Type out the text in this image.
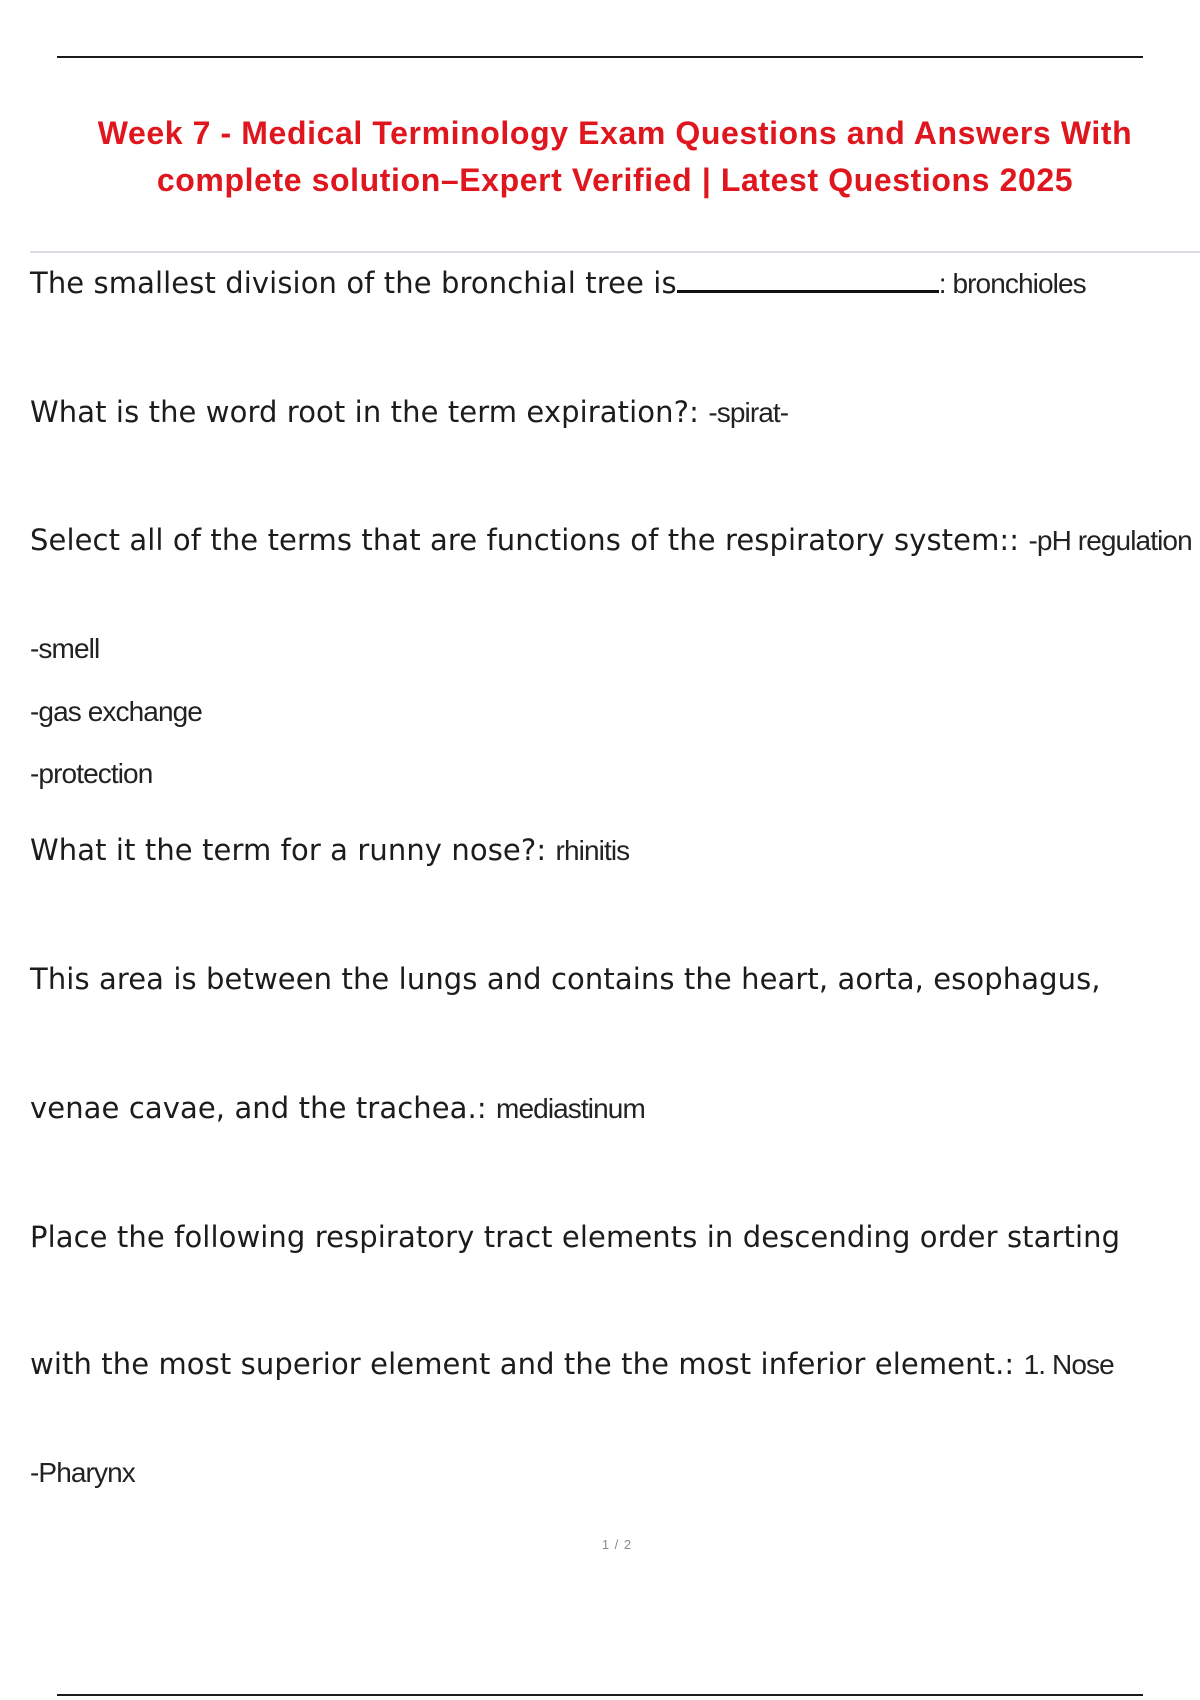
Week 7 - Medical Terminology Exam Questions and Answers With
complete solution–Expert Verified | Latest Questions 2025
The smallest division of the bronchial tree is	: bronchioles
What is the word root in the term expiration?: -spirat-
Select all of the terms that are functions of the respiratory system:: -pH regulation
-smell
-gas exchange
-protection
What it the term for a runny nose?: rhinitis
This area is between the lungs and contains the heart, aorta, esophagus,
venae cavae, and the trachea.: mediastinum
Place the following respiratory tract elements in descending order starting
with the most superior element and the the most inferior element.: 1. Nose
-Pharynx
1 / 2
